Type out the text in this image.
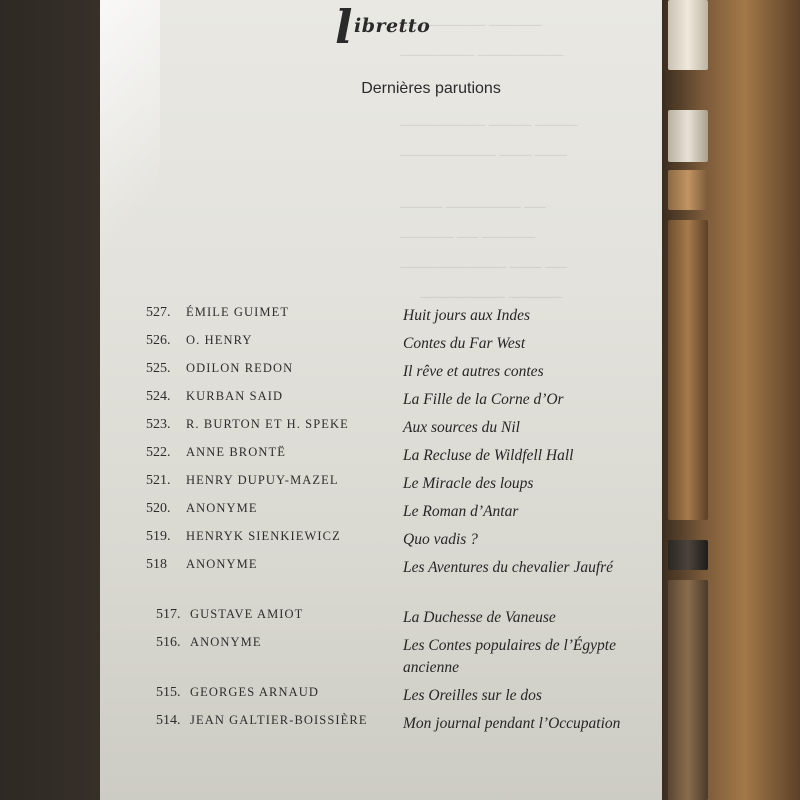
──────── ─────
─────── ────────
──────── ──── ────
───────── ─── ───
──── ─────── ──
───── ── ─────
────────── ─── ──
──────── ─────
libretto
Dernières parutions
527.	ÉMILE GUIMET	Huit jours aux Indes
526.	O. HENRY	Contes du Far West
525.	ODILON REDON	Il rêve et autres contes
524.	KURBAN SAID	La Fille de la Corne d’Or
523.	R. BURTON ET H. SPEKE	Aux sources du Nil
522.	ANNE BRONTË	La Recluse de Wildfell Hall
521.	HENRY DUPUY-MAZEL	Le Miracle des loups
520.	ANONYME	Le Roman d’Antar
519.	HENRYK SIENKIEWICZ	Quo vadis ?
518	ANONYME	Les Aventures du chevalier Jaufré
517. GUSTAVE AMIOT	La Duchesse de Vaneuse
516. ANONYME	Les Contes populaires de l’Égypte ancienne
515. GEORGES ARNAUD	Les Oreilles sur le dos
514. JEAN GALTIER-BOISSIÈRE Mon journal pendant l’Occupation
